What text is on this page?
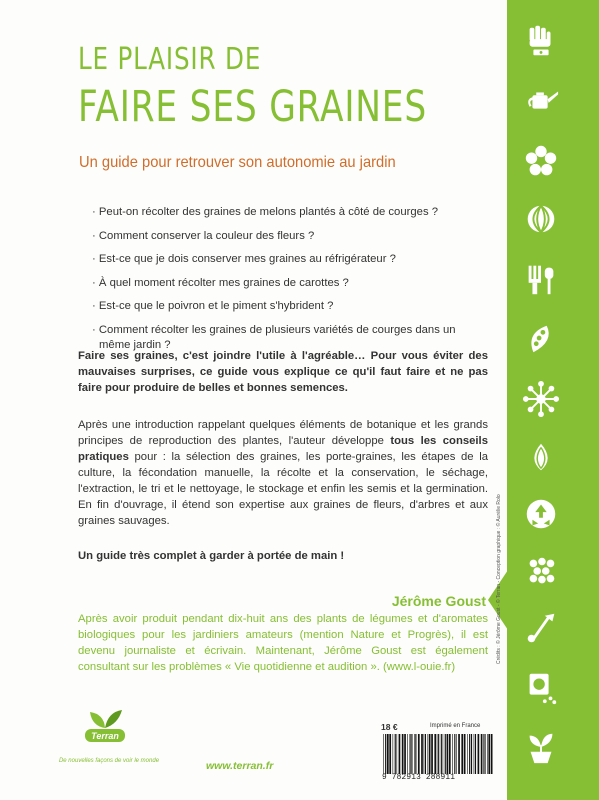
LE PLAISIR DE
FAIRE SES GRAINES
Un guide pour retrouver son autonomie au jardin
· Peut-on récolter des graines de melons plantés à côté de courges ?
· Comment conserver la couleur des fleurs ?
· Est-ce que je dois conserver mes graines au réfrigérateur ?
· À quel moment récolter mes graines de carottes ?
· Est-ce que le poivron et le piment s'hybrident ?
· Comment récolter les graines de plusieurs variétés de courges dans un même jardin ?

Faire ses graines, c'est joindre l'utile à l'agréable… Pour vous éviter des mauvaises surprises, ce guide vous explique ce qu'il faut faire et ne pas faire pour produire de belles et bonnes semences.

Après une introduction rappelant quelques éléments de botanique et les grands principes de reproduction des plantes, l'auteur développe tous les conseils pratiques pour : la sélection des graines, les porte-graines, les étapes de la culture, la fécondation manuelle, la récolte et la conservation, le séchage, l'extraction, le tri et le nettoyage, le stockage et enfin les semis et la germination. En fin d'ouvrage, il étend son expertise aux graines de fleurs, d'arbres et aux graines sauvages.

Un guide très complet à garder à portée de main !

Jérôme Goust

Après avoir produit pendant dix-huit ans des plants de légumes et d'aromates biologiques pour les jardiniers amateurs (mention Nature et Progrès), il est devenu journaliste et écrivain. Maintenant, Jérôme Goust est également consultant sur les problèmes « Vie quotidienne et audition ». (www.l-ouie.fr)

Terran
De nouvelles façons de voir le monde	www.terran.fr
18 €	Imprimé en France
9 782913 288911
Crédits : © Jérôme Goust - © Terran - Conception graphique : © Aurélie Rolo
